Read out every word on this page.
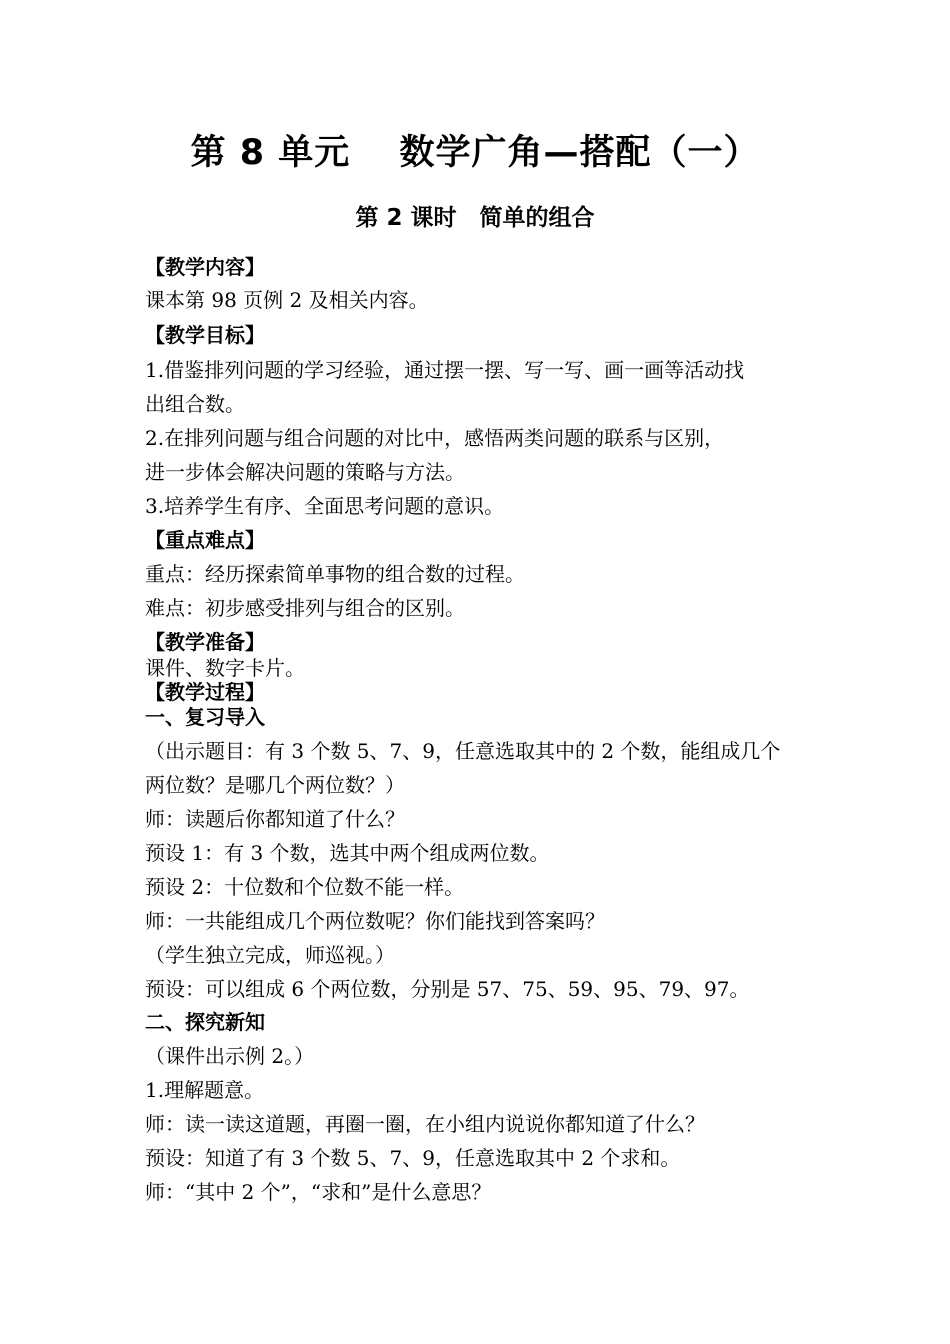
第 8 单元　 数学广角—搭配（一）
第 2 课时　简单的组合
【教学内容】
课本第 98 页例 2 及相关内容。
【教学目标】
1.借鉴排列问题的学习经验，通过摆一摆、写一写、画一画等活动找
出组合数。
2.在排列问题与组合问题的对比中，感悟两类问题的联系与区别，
进一步体会解决问题的策略与方法。
3.培养学生有序、全面思考问题的意识。
【重点难点】
重点：经历探索简单事物的组合数的过程。
难点：初步感受排列与组合的区别。
【教学准备】
课件、数字卡片。
【教学过程】
一、复习导入
（出示题目：有 3 个数 5、7、9，任意选取其中的 2 个数，能组成几个
两位数？是哪几个两位数？）
师：读题后你都知道了什么？
预设 1：有 3 个数，选其中两个组成两位数。
预设 2：十位数和个位数不能一样。
师：一共能组成几个两位数呢？你们能找到答案吗？
（学生独立完成，师巡视。）
预设：可以组成 6 个两位数，分别是 57、75、59、95、79、97。
二、探究新知
（课件出示例 2。）
1.理解题意。
师：读一读这道题，再圈一圈，在小组内说说你都知道了什么？
预设：知道了有 3 个数 5、7、9，任意选取其中 2 个求和。
师：“其中 2 个”，“求和”是什么意思？
